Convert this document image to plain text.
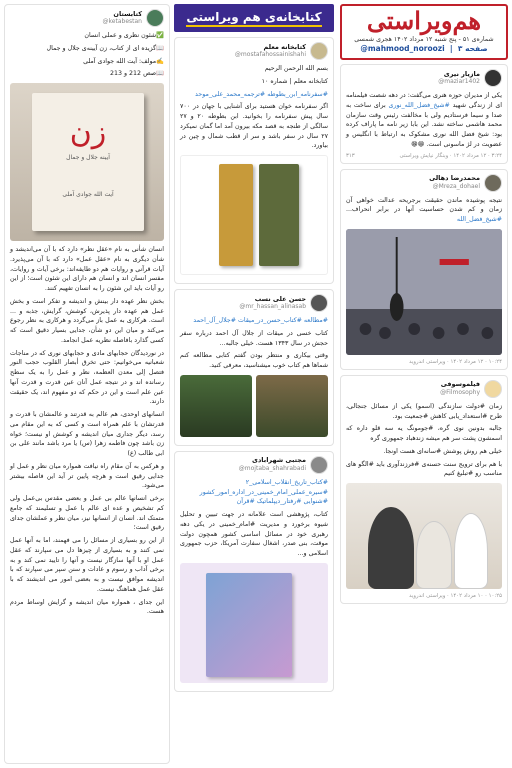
هم‌ویراستی
شماره‌ی ۵۱ - پنج شنبه ۱۲ مرداد ۱۴۰۲ هجری شمسی
@mahmood_noroozi  |  صفحه ۳
مازیار نیری
@maziar1402
یکی از مدیران حوزه هنری می‌گفت: در دهه شصت فیلمنامه ای از زندگی شهید #شیخ_فضل_الله_نوری برای ساخت به صدا و سیما فرستادیم ولی با مخالفت رئیس وقت سازمان محمد هاشمی ساخته نشد. این بابا زیر نامه ما پاراف کرده بود: شیخ فضل الله نوری مشکوک به ارتباط با انگلیس و عضویت در لژ ماسونی است. 😁😁
۳:۲۴ · ۱۲ مرداد ۱۴۰۲ · وبنگار نیایش ویراستی
۳۱۳
محمدرضا دهالی
@Mreza_dohael
نتیجه پوشیده ماندن حقیقت برجریحه عدالت خواهی آن زمان و کم شدن حساسیت آنها در برابر انحراف... #شیخ_فضل_الله
۱۰:۲۴ · ۱۲ مرداد ۱۴۰۲ · ویراستی اندروید
فیلموسوفی
@Filmosophy

زمان #دولت سازندگی (اسمو) یکی از مسائل جنجالی، طرح #استعداد_یابی کاهش #جمعیت بود.

جالبه بدونین نوی گره، #جومونگ یه سه قلو داره که اسمشون پشت سر هم میشه زندهباد جمهوری گره

خیلی هم روش پوشش #سانه‌ای هست اونجا.

با هم برای ترویج سنت حسنه‌ی #فرزندآوری باید #الگو های مناسب رو #تبلیغ کنیم

۱۰:۲۵ · ۱۰ مرداد ۱۴۰۲ · ویراستی اندروید
کتابخانه‌ی هم ویراستی
کتابخانه معلم
@mostafahossainishahi

بسم الله الرحمن الرحیم

کتابخانه معلم | شماره ۱۰

#سفرنامه_ابن_بطوطه #ترجمه_محمد_علی_موحد

اگر سفرنامه خوان هستید برای آشنایی با جهان در ۷۰۰ سال پیش سفرنامه را بخوانید. ابن بطوطه ۲۰ و ۲۷ سالگی از طنجه به قصد مکه بیرون آمد اما گمان نمیکرد ۲۷ سال در سفر باشد و سر از قطب شمال و چین در بیاورد.

حسن علی نسب
@mr_hassan_alinasab

#مطالعه #کتاب_حسن_در_میقات #جلال_آل_احمد

کتاب خسی در میقات از جلال آل احمد درباره سفر حجش در سال ۱۳۴۳ هست. خیلی جالبه...

وقتی بیکاری و منتظر بودن گفتم کتابی مطالعه کنم شماها هم کتاب خوب میشناسید، معرفی کنید.

مجتبی شهرابادی
@mojtaba_shahrabadi

#کتاب_تاریخ_انقلاب_اسلامی_۲ #سیره_عملی_امام_خمینی_در_اداره_امور_کشور #شنوایی #رفتار_دیپلماتیک #قرآن

کتاب، پژوهشی است علامانه در جهت تبیین و تحلیل شیوه برخورد و مدیریت #امام_خمینی در یکی دهه رهبری خود در مسائل اساسی کشور همچون دولت موقت، بنی صدر، اشغال سفارت آمریکا، حزب جمهوری اسلامی و...

کتابستان
@ketabestan

✅شئون نظری و عملی انسان

📖گزیده ای از کتاب، زن آیینه‌ی جلال و جمال

✍️مولف: آیت الله جوادی آملی

📖صص 212 و 213

زن
آیینه جلال و جمال
آیت الله جوادی آملی

انسان شأنی به نام «عقل نظر» دارد که با آن می‌اندیشد و شأن دیگری به نام «عقل عمل» دارد که با آن می‌پذیرد. آیات قرآنی و روایات هم دو طایفه‌اند: برخی آیات و روایات، مفسر انسان اند و انسان هم دارای این شئون است؛ از این رو آیات باید این شئون را به انسان تفهیم کنند.

بخش نظر عهده دار بینش و اندیشه و تفکر است و بخش عمل هم عهده دار پذیرش، کوشش، گرایش، جذبه و ... است. هرکاری به عمل باز می‌گردد و هرکاری به نظر رجوع می‌کند و میان این دو شأن، جدایی بسیار دقیق است که کسی گذارد بافاصله نظریه عمل انجامد.

در نوردیدگان حجابهای مادی و حجابهای نوری که در مناجات شعبانیه می‌خوانیم: حتی تخرق أبصار القلوب حجب النور فتصل إلی معدن العظمة، نظر و عمل را به یک سطح رسانده اند و در نتیجه عمل آنان عین قدرت و قدرت آنها عین علم است و این در حکم که دو مفهوم اند، یک حقیقت دارند.

انسانهای اوحدی، هم عالم به قدرتند و عالمشان با قدرت و قدرتشان با علم همراه است و کسی که به این مقام می رسد، دیگر جداری میان اندیشه و کوشش او نیست؛ خواه زن باشد چون فاطمه زهرا (س) یا مرد باشد مانند علی بن ابی طالب (ع)

و هرکس به آن مقام راه نیافت همواره میان نظر و عمل او جدایی رقیق است و هرچه پایین تر آید این فاصله بیشتر می‌شود.

برخی انسانها عالم بی عمل و بعضی مقدس بی‌عمل ولی کم تشخیص و عده ای عالم با عمل و تسلیمند که جامع متمتک اند. انسان از انسانها نیز، میان نظر و عملشان جدای رقیق است؛

از این رو بسیاری از مسائل را می فهمند، اما به آنها عمل نمی کنند و به بسیاری از چیزها دل می سپارند که عقل عمل او با آنها سازگار نیست و آنها را تایید نمی کند و به برخی آداب و رسوم و عادات و سنن سپر می سپارند که با اندیشه موافق نیست و به بعضی امور می اندیشند که با عقل عمل هماهنگ نیست.

این جدای ، همواره میان اندیشه و گرایش اوساط مردم هست.
